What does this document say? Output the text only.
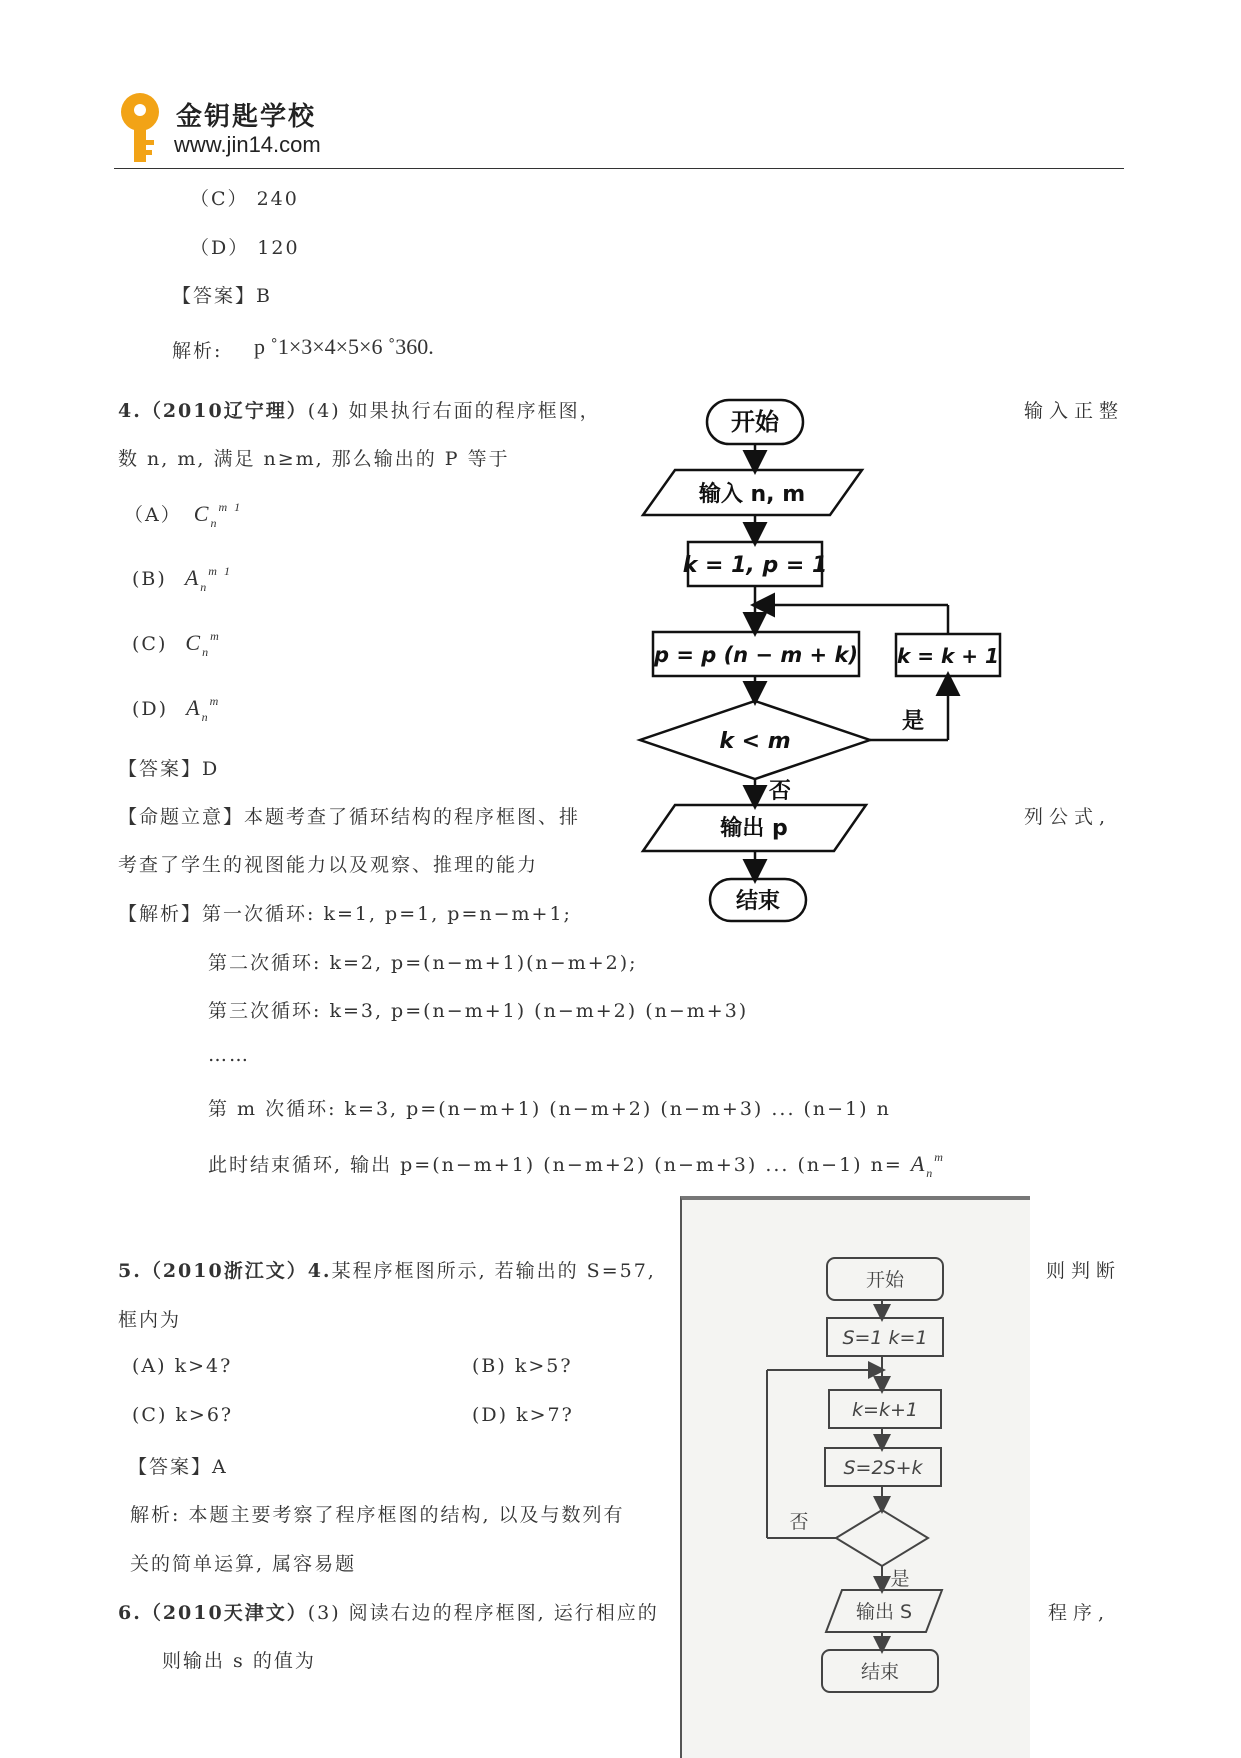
金钥匙学校
www.jin14.com
（C） 240
（D） 120
【答案】B
解析: p ˚1×3×4×5×6 ˚360.
4.（2010辽宁理）(4) 如果执行右面的程序框图，	输入正整
数 n, m, 满足 n≥m, 那么输出的 P 等于
（A） $C_n^{m 1}$
(B) $A_n^{m 1}$
(C) $C_n^m$
(D) $A_n^m$
【答案】D
【命题立意】本题考查了循环结构的程序框图、排	列公式,
考查了学生的视图能力以及观察、推理的能力
【解析】第一次循环: k=1, p=1, p=n−m+1;
第二次循环: k=2, p=(n−m+1)(n−m+2);
第三次循环: k=3, p=(n−m+1) (n−m+2) (n−m+3)
……
第 m 次循环: k=3, p=(n−m+1) (n−m+2) (n−m+3) ... (n−1) n
此时结束循环, 输出 p=(n−m+1) (n−m+2) (n−m+3) ... (n−1) $n= A_n^m$
开始
输入 n, m
k = 1, p = 1
p = p (n − m + k) k = k + 1
k < m
是
否
输出 p
结束
5.（2010浙江文）4.某程序框图所示, 若输出的 S=57,	则判断
框内为
(A) k>4?	(B) k>5?
(C) k>6?	(D) k>7?
【答案】A
解析: 本题主要考察了程序框图的结构, 以及与数列有
关的简单运算, 属容易题
6.（2010天津文）(3) 阅读右边的程序框图, 运行相应的	程序,
则输出 s 的值为
开始
S=1 k=1
k=k+1
S=2S+k
否
是
输出 S
结束
